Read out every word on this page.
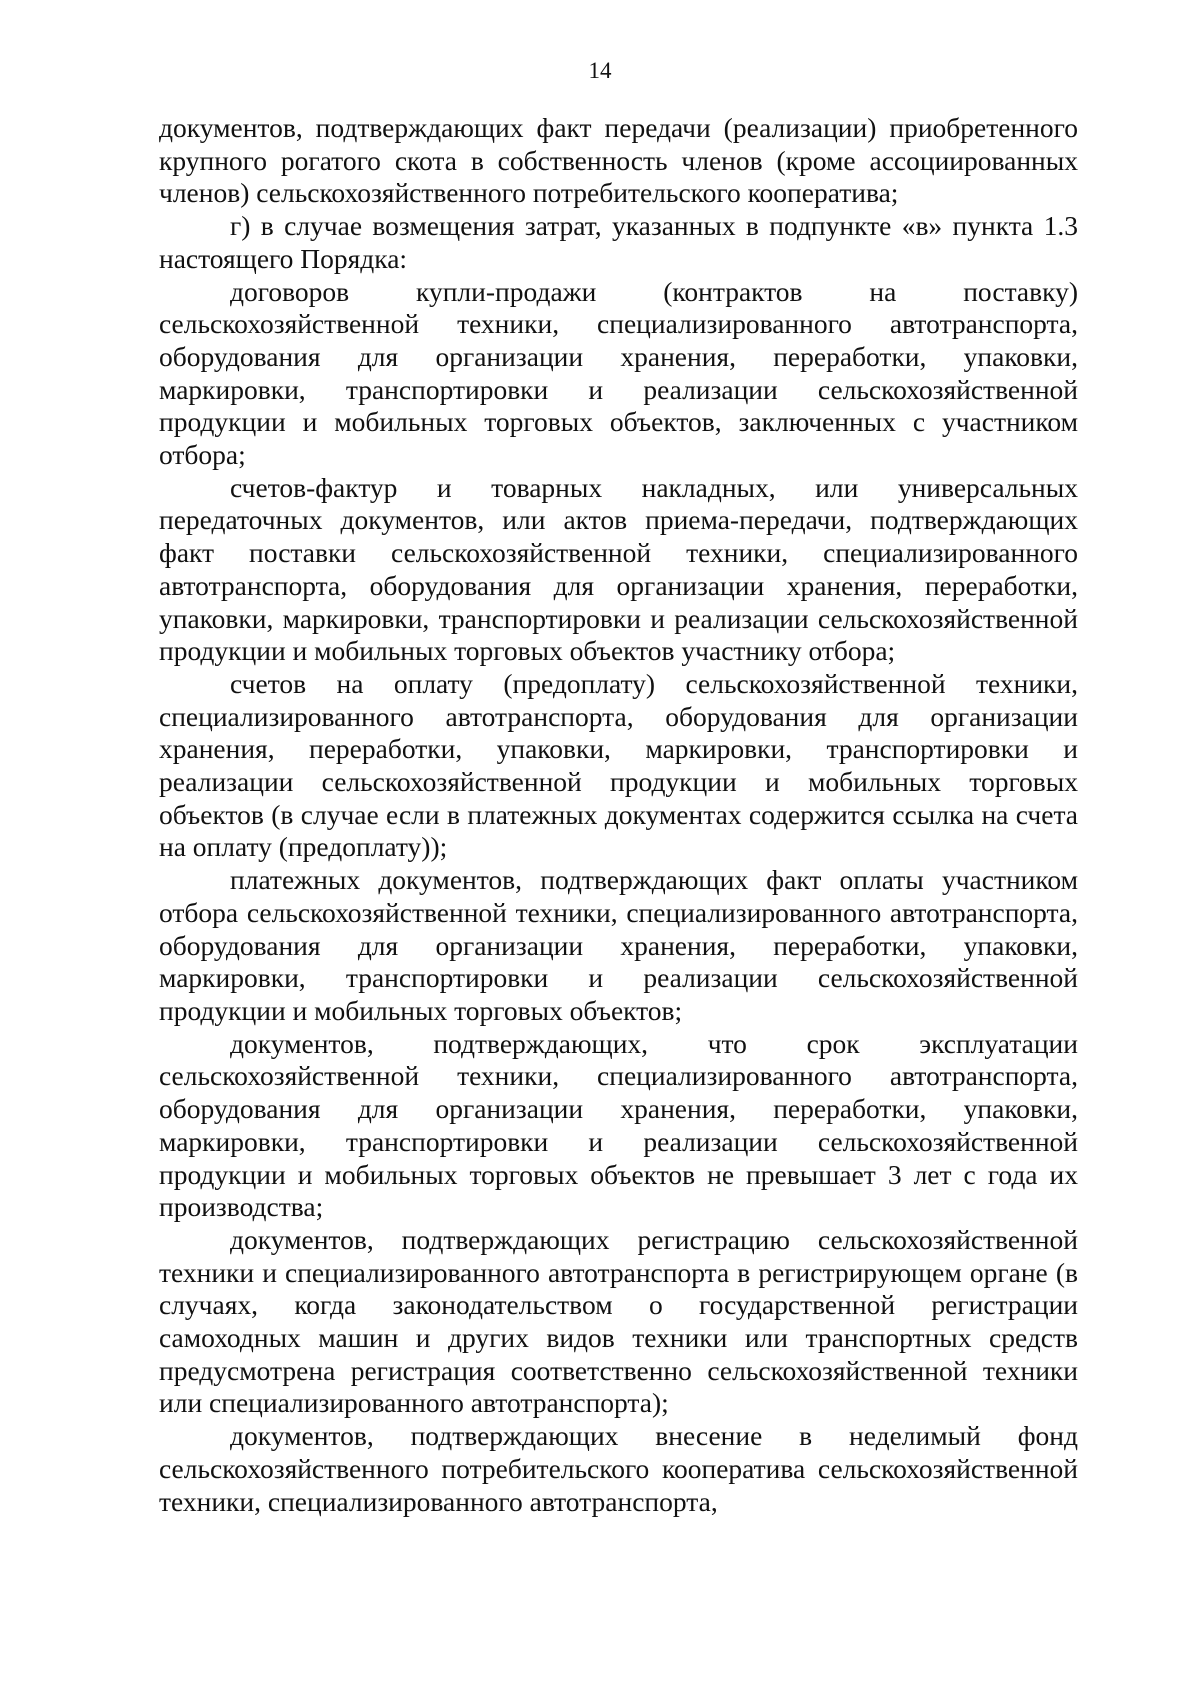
14

документов, подтверждающих факт передачи (реализации) приобретенного крупного рогатого скота в собственность членов (кроме ассоциированных членов) сельскохозяйственного потребительского кооператива;

г) в случае возмещения затрат, указанных в подпункте «в» пункта 1.3 настоящего Порядка:

договоров купли-продажи (контрактов на поставку) сельскохозяйственной техники, специализированного автотранспорта, оборудования для организации хранения, переработки, упаковки, маркировки, транспортировки и реализации сельскохозяйственной продукции и мобильных торговых объектов, заключенных с участником отбора;

счетов-фактур и товарных накладных, или универсальных передаточных документов, или актов приема-передачи, подтверждающих факт поставки сельскохозяйственной техники, специализированного автотранспорта, оборудования для организации хранения, переработки, упаковки, маркировки, транспортировки и реализации сельскохозяйственной продукции и мобильных торговых объектов участнику отбора;

счетов на оплату (предоплату) сельскохозяйственной техники, специализированного автотранспорта, оборудования для организации хранения, переработки, упаковки, маркировки, транспортировки и реализации сельскохозяйственной продукции и мобильных торговых объектов (в случае если в платежных документах содержится ссылка на счета на оплату (предоплату));

платежных документов, подтверждающих факт оплаты участником отбора сельскохозяйственной техники, специализированного автотранспорта, оборудования для организации хранения, переработки, упаковки, маркировки, транспортировки и реализации сельскохозяйственной продукции и мобильных торговых объектов;

документов, подтверждающих, что срок эксплуатации сельскохозяйственной техники, специализированного автотранспорта, оборудования для организации хранения, переработки, упаковки, маркировки, транспортировки и реализации сельскохозяйственной продукции и мобильных торговых объектов не превышает 3 лет с года их производства;

документов, подтверждающих регистрацию сельскохозяйственной техники и специализированного автотранспорта в регистрирующем органе (в случаях, когда законодательством о государственной регистрации самоходных машин и других видов техники или транспортных средств предусмотрена регистрация соответственно сельскохозяйственной техники или специализированного автотранспорта);

документов, подтверждающих внесение в неделимый фонд сельскохозяйственного потребительского кооператива сельскохозяйственной техники, специализированного автотранспорта,
